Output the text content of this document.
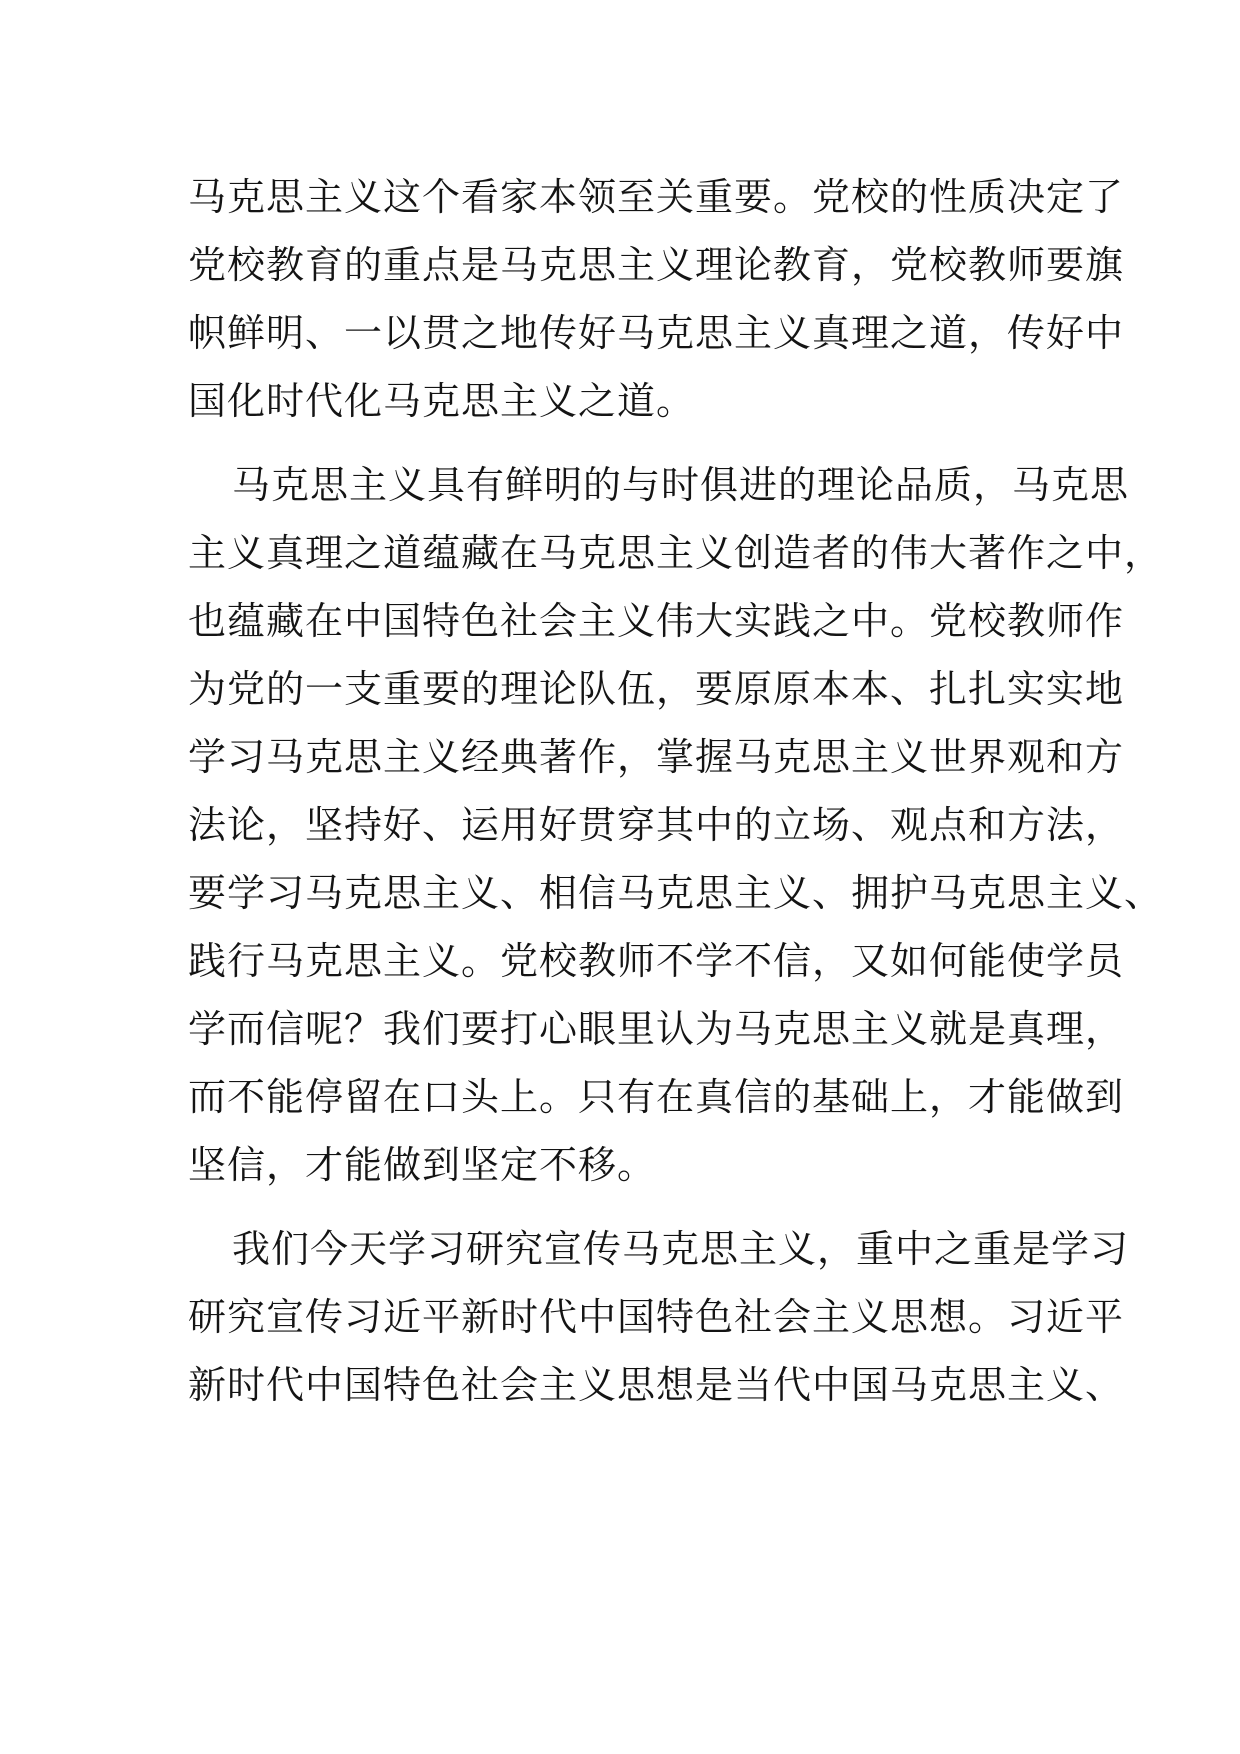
马克思主义这个看家本领至关重要。党校的性质决定了

党校教育的重点是马克思主义理论教育，党校教师要旗

帜鲜明、一以贯之地传好马克思主义真理之道，传好中

国化时代化马克思主义之道。

马克思主义具有鲜明的与时俱进的理论品质，马克思

主义真理之道蕴藏在马克思主义创造者的伟大著作之中，

也蕴藏在中国特色社会主义伟大实践之中。党校教师作

为党的一支重要的理论队伍，要原原本本、扎扎实实地

学习马克思主义经典著作，掌握马克思主义世界观和方

法论，坚持好、运用好贯穿其中的立场、观点和方法，

要学习马克思主义、相信马克思主义、拥护马克思主义、

践行马克思主义。党校教师不学不信，又如何能使学员

学而信呢？我们要打心眼里认为马克思主义就是真理，

而不能停留在口头上。只有在真信的基础上，才能做到

坚信，才能做到坚定不移。

我们今天学习研究宣传马克思主义，重中之重是学习

研究宣传习近平新时代中国特色社会主义思想。习近平

新时代中国特色社会主义思想是当代中国马克思主义、
